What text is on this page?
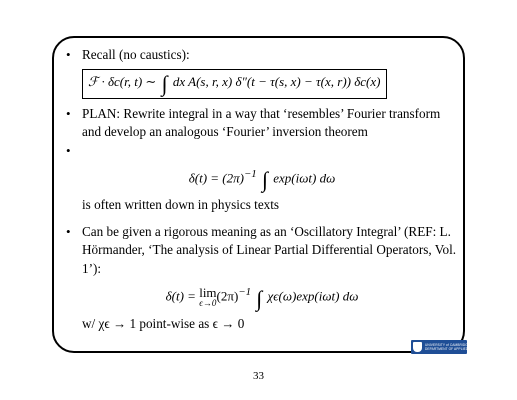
• Recall (no caustics):
ℱ · δc(r, t) ∼ ∫ dx A(s, r, x) δ″(t − τ(s, x) − τ(x, r)) δc(x)
• PLAN: Rewrite integral in a way that ‘resembles’ Fourier transform and develop an analogous ‘Fourier’ inversion theorem
•
$\delta(t) = (2\pi)^{-1}$ ∫ exp(iωt) dω
is often written down in physics texts
• Can be given a rigorous meaning as an ‘Oscillatory Integral’ (REF: L. Hörmander, ‘The analysis of Linear Partial Differential Operators, Vol. 1’):
δ(t) = lim
ϵ→0 $(2\pi)^{-1}$ ∫ χϵ(ω)exp(iωt) dω
w/ χϵ → 1 point-wise as ϵ → 0
UNIVERSITY of CAMBRIDGE
DEPARTMENT OF APPLIED MATHEMATICS
33
